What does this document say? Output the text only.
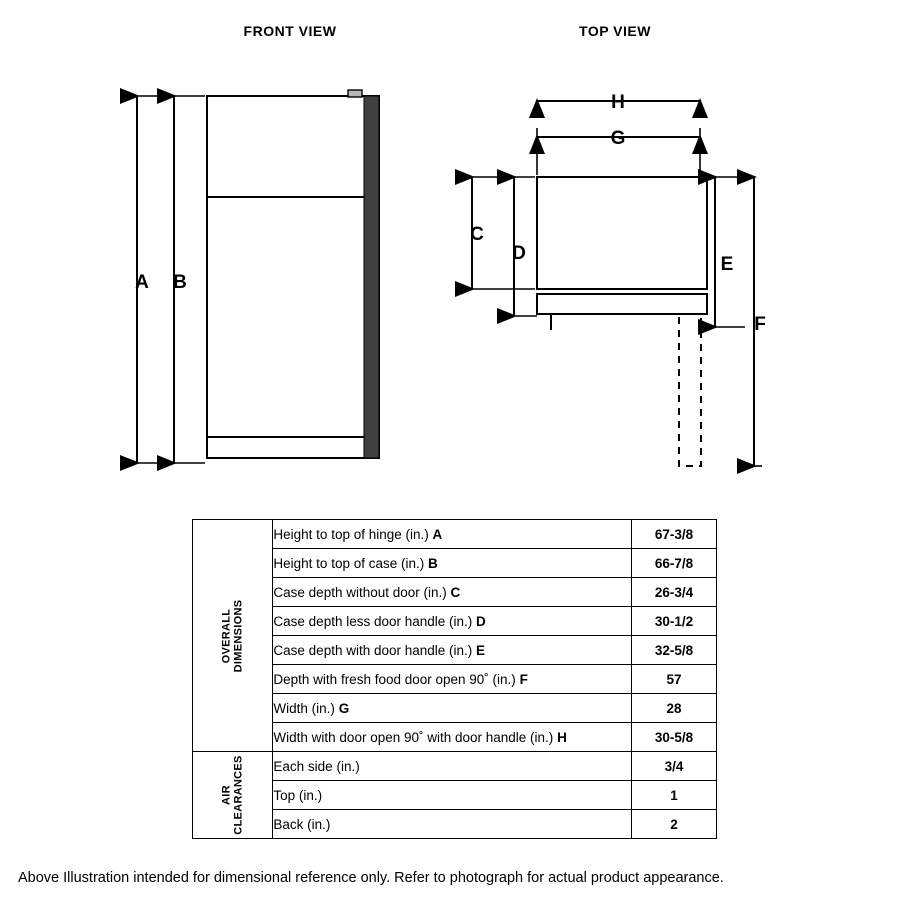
FRONT VIEW	TOP VIEW
A B
C
D
E
F
G
H
OVERALL DIMENSIONS	Height to top of hinge (in.) A	67-3/8
	Height to top of case (in.) B	66-7/8
	Case depth without door (in.) C	26-3/4
	Case depth less door handle (in.) D	30-1/2
	Case depth with door handle (in.) E	32-5/8
	Depth with fresh food door open 90˚ (in.) F	57
	Width (in.) G	28
	Width with door open 90˚ with door handle (in.) H	30-5/8
AIR CLEARANCES	Each side (in.)	3/4
	Top (in.)	1
	Back (in.)	2
Above Illustration intended for dimensional reference only. Refer to photograph for actual product appearance.
